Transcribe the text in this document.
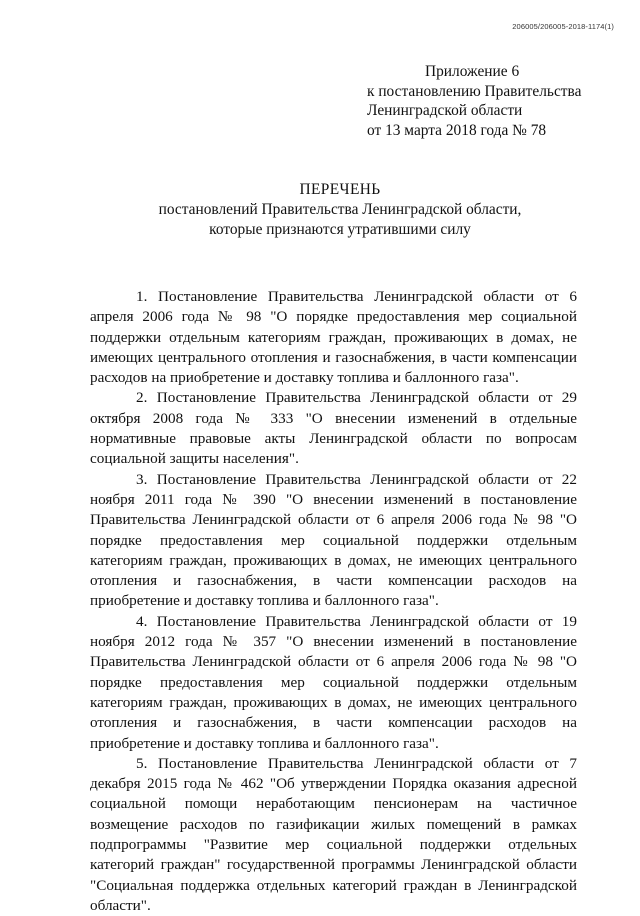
206005/206005-2018-1174(1)
Приложение 6
к постановлению Правительства
Ленинградской области
от 13 марта 2018 года № 78
ПЕРЕЧЕНЬ
постановлений Правительства Ленинградской области,
которые признаются утратившими силу

1. Постановление Правительства Ленинградской области от 6 апреля 2006 года № 98 "О порядке предоставления мер социальной поддержки отдельным категориям граждан, проживающих в домах, не имеющих центрального отопления и газоснабжения, в части компенсации расходов на приобретение и доставку топлива и баллонного газа".

2. Постановление Правительства Ленинградской области от 29 октября 2008 года № 333 "О внесении изменений в отдельные нормативные правовые акты Ленинградской области по вопросам социальной защиты населения".

3. Постановление Правительства Ленинградской области от 22 ноября 2011 года № 390 "О внесении изменений в постановление Правительства Ленинградской области от 6 апреля 2006 года № 98 "О порядке предоставления мер социальной поддержки отдельным категориям граждан, проживающих в домах, не имеющих центрального отопления и газоснабжения, в части компенсации расходов на приобретение и доставку топлива и баллонного газа".

4. Постановление Правительства Ленинградской области от 19 ноября 2012 года № 357 "О внесении изменений в постановление Правительства Ленинградской области от 6 апреля 2006 года № 98 "О порядке предоставления мер социальной поддержки отдельным категориям граждан, проживающих в домах, не имеющих центрального отопления и газоснабжения, в части компенсации расходов на приобретение и доставку топлива и баллонного газа".

5. Постановление Правительства Ленинградской области от 7 декабря 2015 года № 462 "Об утверждении Порядка оказания адресной социальной помощи неработающим пенсионерам на частичное возмещение расходов по газификации жилых помещений в рамках подпрограммы "Развитие мер социальной поддержки отдельных категорий граждан" государственной программы Ленинградской области "Социальная поддержка отдельных категорий граждан в Ленинградской области".
